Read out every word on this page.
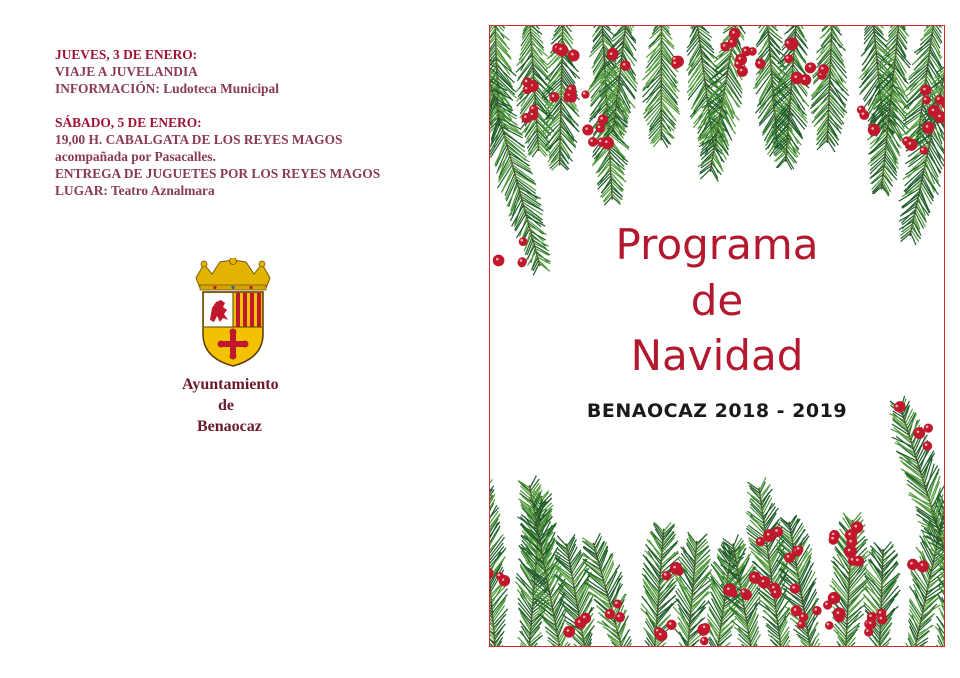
JUEVES, 3 DE ENERO:
VIAJE A JUVELANDIA
INFORMACIÓN: Ludoteca Municipal
SÁBADO, 5 DE ENERO:
19,00 H. CABALGATA DE LOS REYES MAGOS
acompañada por Pasacalles.
ENTREGA DE JUGUETES POR LOS REYES MAGOS
LUGAR: Teatro Aznalmara
Ayuntamiento
de
Benaocaz
Programa
de
Navidad
BENAOCAZ 2018 - 2019
